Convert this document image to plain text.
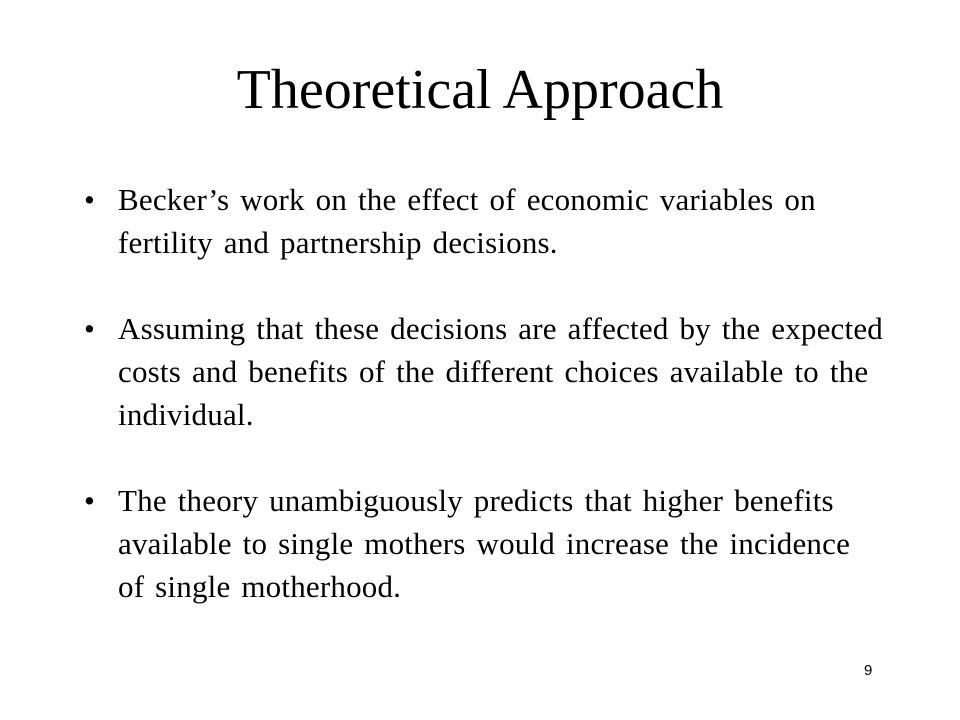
Theoretical Approach
• Becker’s work on the effect of economic variables on fertility and partnership decisions.
• Assuming that these decisions are affected by the expected costs and benefits of the different choices available to the individual.
• The theory unambiguously predicts that higher benefits available to single mothers would increase the incidence of single motherhood.
9
